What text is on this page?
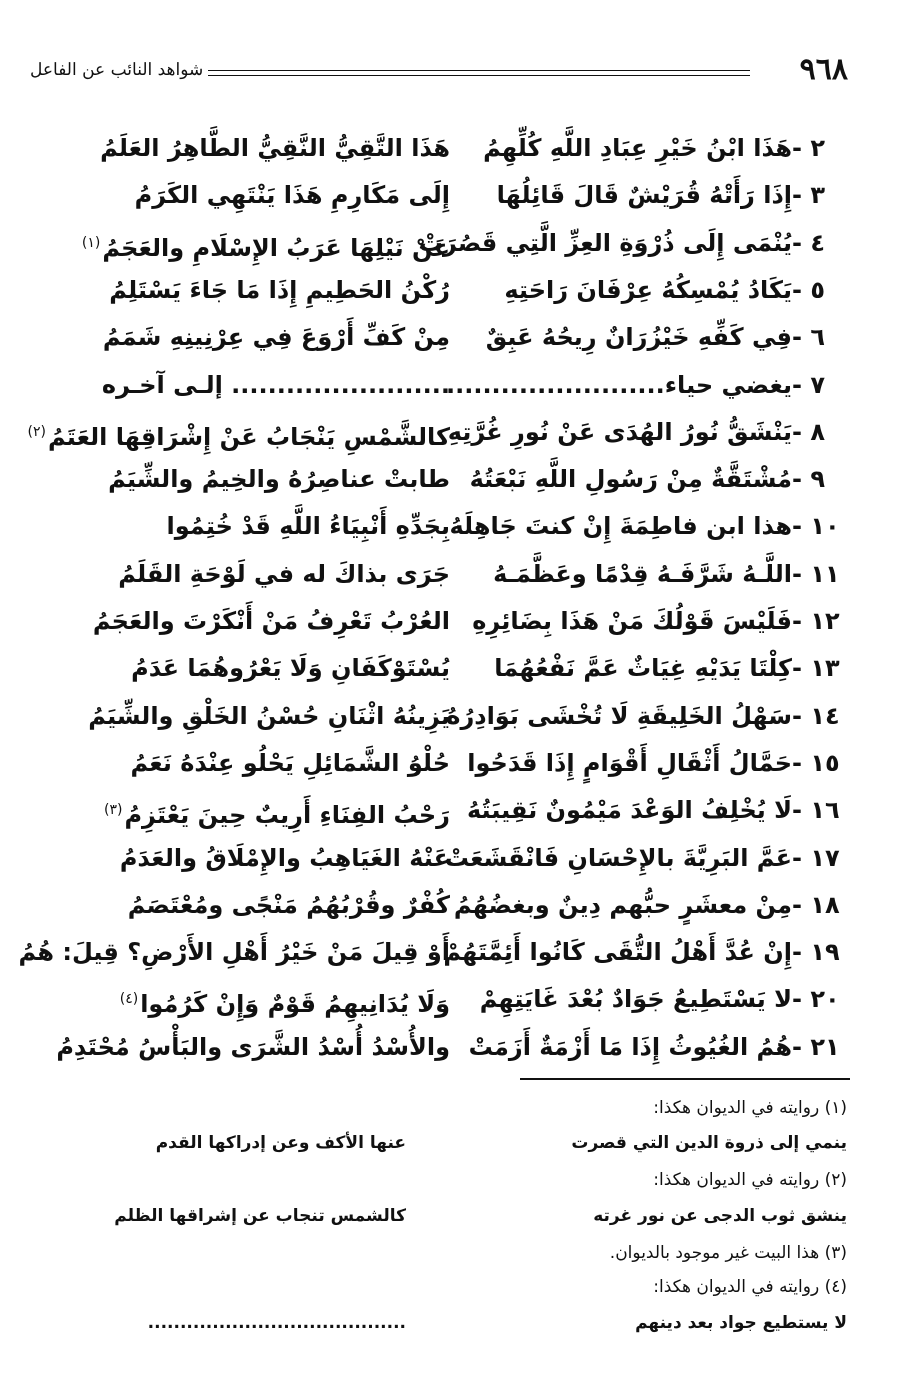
٩٦٨
شواهد النائب عن الفاعل
٢ -
هَذَا ابْنُ خَيْرِ عِبَادِ اللَّهِ كُلِّهِمُ
هَذَا التَّقِيُّ النَّقِيُّ الطَّاهِرُ العَلَمُ
٣ -
إِذَا رَأَتْهُ قُرَيْشٌ قَالَ قَائِلُهَا
إِلَى مَكَارِمِ هَذَا يَنْتَهِي الكَرَمُ
٤ -
يُنْمَى إِلَى ذُرْوَةِ العِزِّ الَّتِي قَصُرَتْ
عَنْ نَيْلِهَا عَرَبُ الإِسْلَامِ والعَجَمُ$^{(١)}$
٥ -
يَكَادُ يُمْسِكُهُ عِرْفَانَ رَاحَتِهِ
رُكْنُ الحَطِيمِ إِذَا مَا جَاءَ يَسْتَلِمُ
٦ -
فِي كَفِّهِ خَيْزُرَانٌ رِيحُهُ عَبِقٌ
مِنْ كَفِّ أَرْوَعَ فِي عِرْنِينِهِ شَمَمُ
٧ -
يغضي حياء........................
........................ إلـى آخـره
٨ -
يَنْشَقُّ نُورُ الهُدَى عَنْ نُورِ غُرَّتِهِ
كالشَّمْسِ يَنْجَابُ عَنْ إِشْرَاقِهَا العَتَمُ$^{(٢)}$
٩ -
مُشْتَقَّةٌ مِنْ رَسُولِ اللَّهِ نَبْعَتُهُ
طابتْ عناصِرُهُ والخِيمُ والشِّيَمُ
١٠ -
هذا ابن فاطِمَةَ إِنْ كنتَ جَاهِلَهُ
بِجَدِّهِ أَنْبِيَاءُ اللَّهِ قَدْ خُتِمُوا
١١ -
اللَّـهُ شَرَّفَـهُ قِدْمًا وعَظَّمَـهُ
جَرَى بذاكَ له في لَوْحَةِ القَلَمُ
١٢ -
فَلَيْسَ قَوْلُكَ مَنْ هَذَا بِضَائِرِهِ
العُرْبُ تَعْرِفُ مَنْ أَنْكَرْتَ والعَجَمُ
١٣ -
كِلْتَا يَدَيْهِ غِيَاثٌ عَمَّ نَفْعُهُمَا
يُسْتَوْكَفَانِ وَلَا يَعْرُوهُمَا عَدَمُ
١٤ -
سَهْلُ الخَلِيقَةِ لَا تُخْشَى بَوَادِرُهُ
يَزِينُهُ اثْنَانِ حُسْنُ الخَلْقِ والشِّيَمُ
١٥ -
حَمَّالُ أَثْقَالِ أَقْوَامٍ إِذَا قَدَحُوا
حُلْوُ الشَّمَائِلِ يَحْلُو عِنْدَهُ نَعَمُ
١٦ -
لَا يُخْلِفُ الوَعْدَ مَيْمُونٌ نَقِيبَتُهُ
رَحْبُ الفِنَاءِ أَرِيبٌ حِينَ يَعْتَزِمُ$^{(٣)}$
١٧ -
عَمَّ البَرِيَّةَ بالإِحْسَانِ فَانْقَشَعَتْ
عَنْهُ الغَيَاهِبُ والإِمْلَاقُ والعَدَمُ
١٨ -
مِنْ معشَرٍ حبُّهم دِينٌ وبغضُهُمُ
كُفْرٌ وقُرْبُهُمُ مَنْجًى ومُعْتَصَمُ
١٩ -
إِنْ عُدَّ أَهْلُ التُّقَى كَانُوا أَئِمَّتَهُمْ
أَوْ قِيلَ مَنْ خَيْرُ أَهْلِ الأَرْضِ؟ قِيلَ: هُمُ
٢٠ -
لا يَسْتَطِيعُ جَوَادٌ بُعْدَ غَايَتِهِمْ
وَلَا يُدَانِيهِمُ قَوْمٌ وَإِنْ كَرُمُوا$^{(٤)}$
٢١ -
هُمُ الغُيُوثُ إِذَا مَا أَزْمَةٌ أَزَمَتْ
والأُسْدُ أُسْدُ الشَّرَى والبَأْسُ مُحْتَدِمُ
(١) روايته في الديوان هكذا:
ينمي إلى ذروة الدين التي قصرت
عنها الأكف وعن إدراكها القدم
(٢) روايته في الديوان هكذا:
ينشق ثوب الدجى عن نور غرته
كالشمس تنجاب عن إشراقها الظلم
(٣) هذا البيت غير موجود بالديوان.
(٤) روايته في الديوان هكذا:
لا يستطيع جواد بعد دينهم
........................................
